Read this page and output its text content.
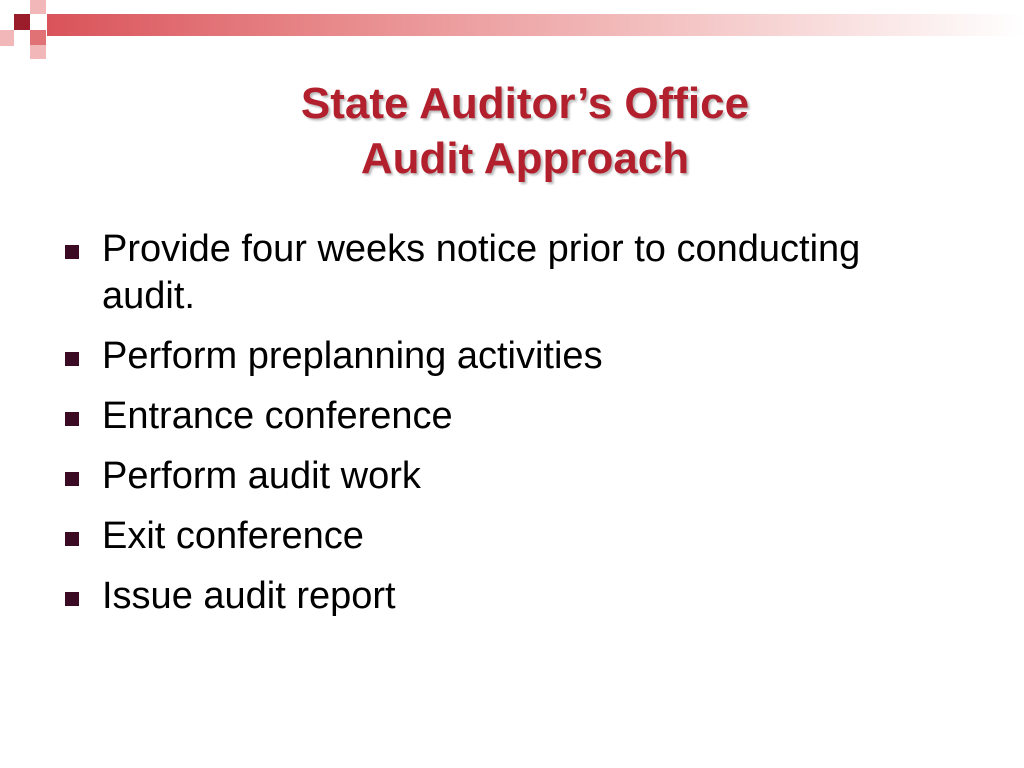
State Auditor’s Office
Audit Approach
Provide four weeks notice prior to conducting audit.
Perform preplanning activities
Entrance conference
Perform audit work
Exit conference
Issue audit report
